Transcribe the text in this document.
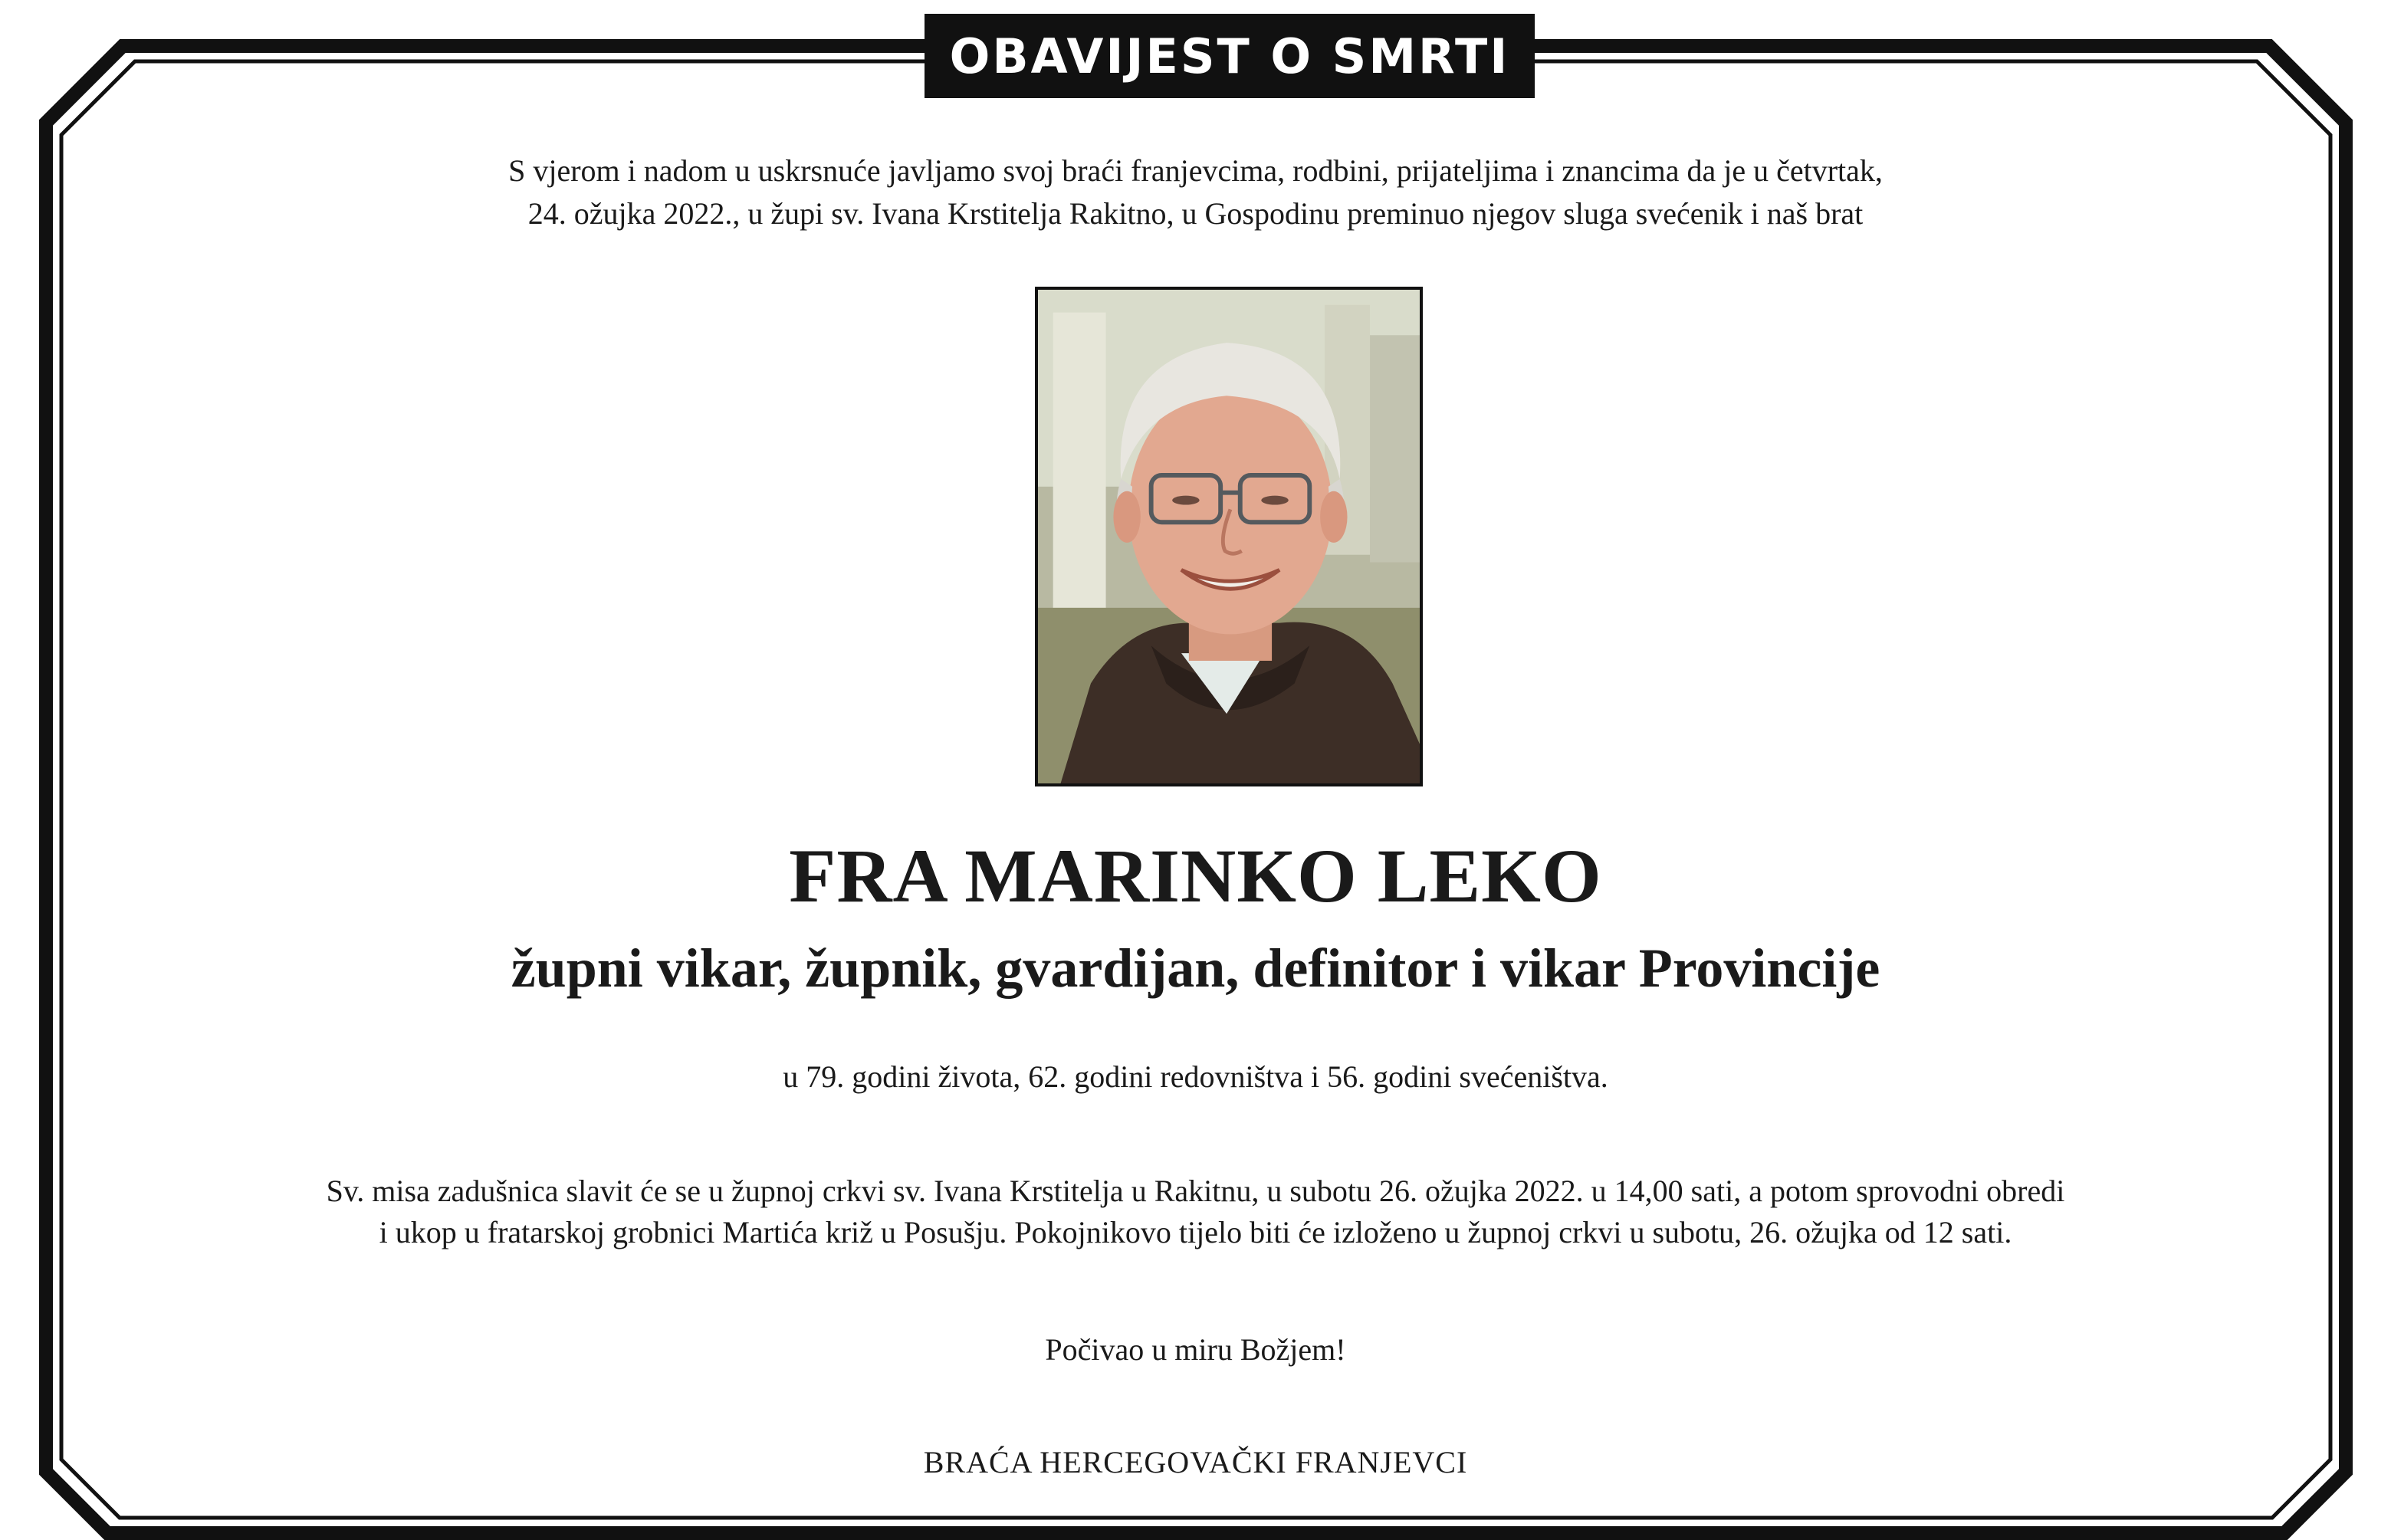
OBAVIJEST O SMRTI
S vjerom i nadom u uskrsnuće javljamo svoj braći franjevcima, rodbini, prijateljima i znancima da je u četvrtak,
24. ožujka 2022., u župi sv. Ivana Krstitelja Rakitno, u Gospodinu preminuo njegov sluga svećenik i naš brat
FRA MARINKO LEKO
župni vikar, župnik, gvardijan, definitor i vikar Provincije
u 79. godini života, 62. godini redovništva i 56. godini svećeništva.
Sv. misa zadušnica slavit će se u župnoj crkvi sv. Ivana Krstitelja u Rakitnu, u subotu 26. ožujka 2022. u 14,00 sati, a potom sprovodni obredi
i ukop u fratarskoj grobnici Martića križ u Posušju. Pokojnikovo tijelo biti će izloženo u župnoj crkvi u subotu, 26. ožujka od 12 sati.
Počivao u miru Božjem!
BRAĆA HERCEGOVAČKI FRANJEVCI
